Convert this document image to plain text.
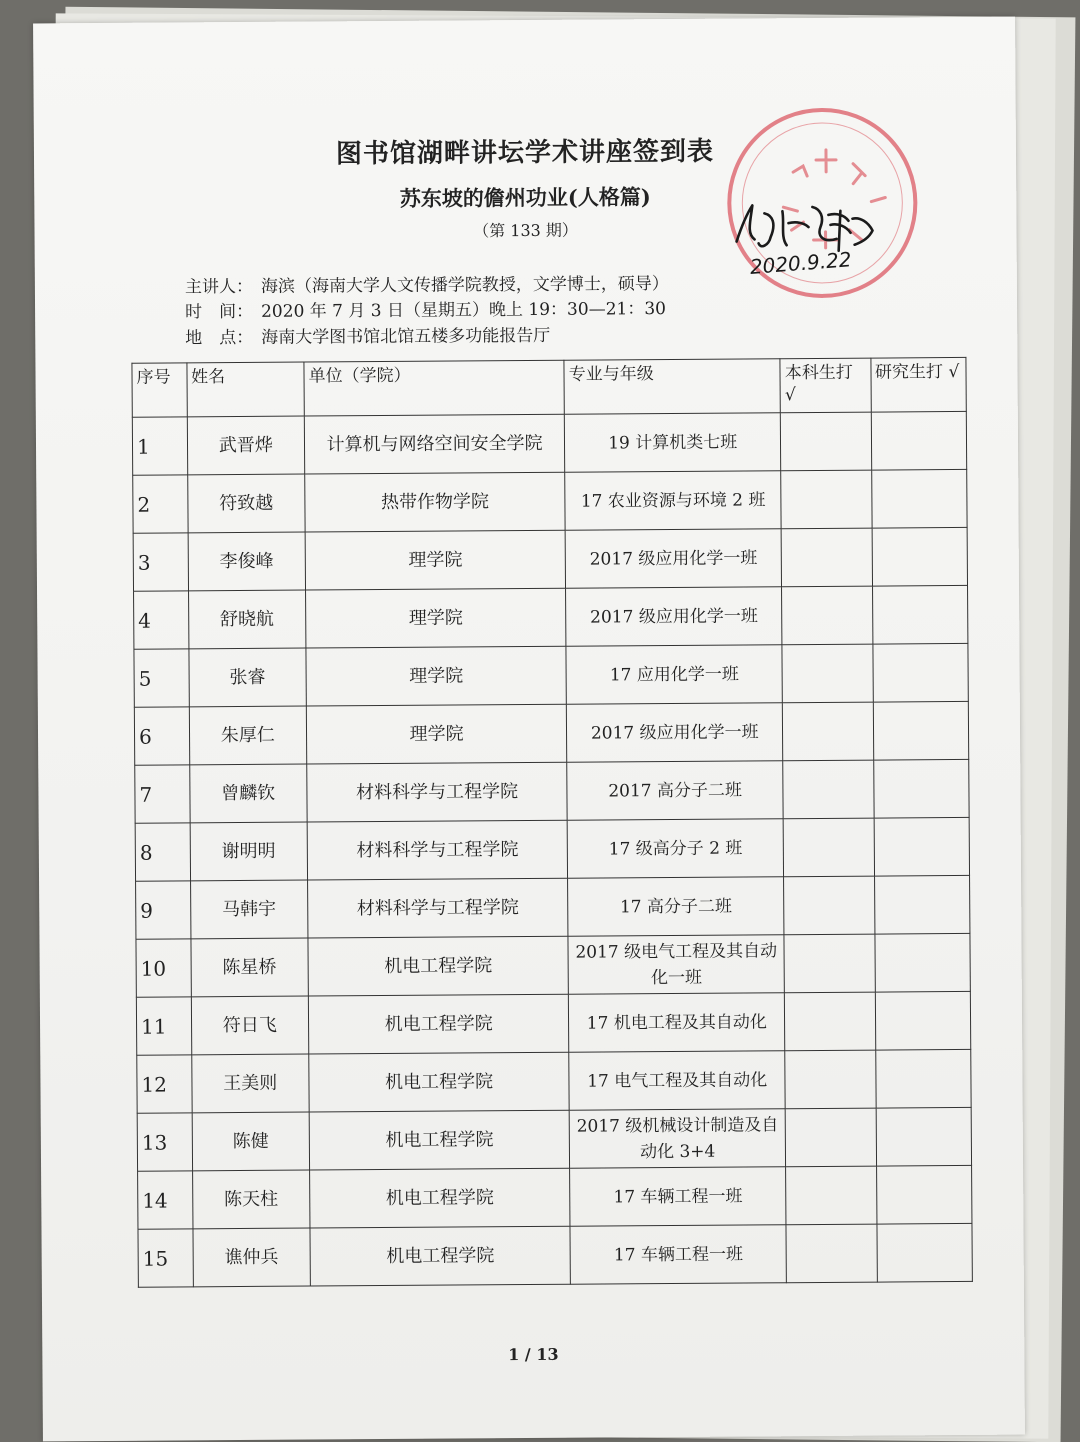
图书馆湖畔讲坛学术讲座签到表
苏东坡的儋州功业(人格篇)
（第 133 期）
主讲人： 海滨（海南大学人文传播学院教授，文学博士，硕导）
时　间： 2020 年 7 月 3 日（星期五）晚上 19：30—21：30
地　点： 海南大学图书馆北馆五楼多功能报告厅
2020.9.22
序号	姓名	单位（学院）	专业与年级	本科生打 √	研究生打 √
1	武晋烨	计算机与网络空间安全学院	19 计算机类七班		
2	符致越	热带作物学院	17 农业资源与环境 2 班		
3	李俊峰	理学院	2017 级应用化学一班		
4	舒晓航	理学院	2017 级应用化学一班		
5	张睿	理学院	17 应用化学一班		
6	朱厚仁	理学院	2017 级应用化学一班		
7	曾麟钦	材料科学与工程学院	2017 高分子二班		
8	谢明明	材料科学与工程学院	17 级高分子 2 班		
9	马韩宇	材料科学与工程学院	17 高分子二班		
10	陈星桥	机电工程学院	2017 级电气工程及其自动化一班		
11	符日飞	机电工程学院	17 机电工程及其自动化		
12	王美则	机电工程学院	17 电气工程及其自动化		
13	陈健	机电工程学院	2017 级机械设计制造及自动化 3+4		
14	陈天柱	机电工程学院	17 车辆工程一班		
15	谯仲兵	机电工程学院	17 车辆工程一班		
1 / 13
